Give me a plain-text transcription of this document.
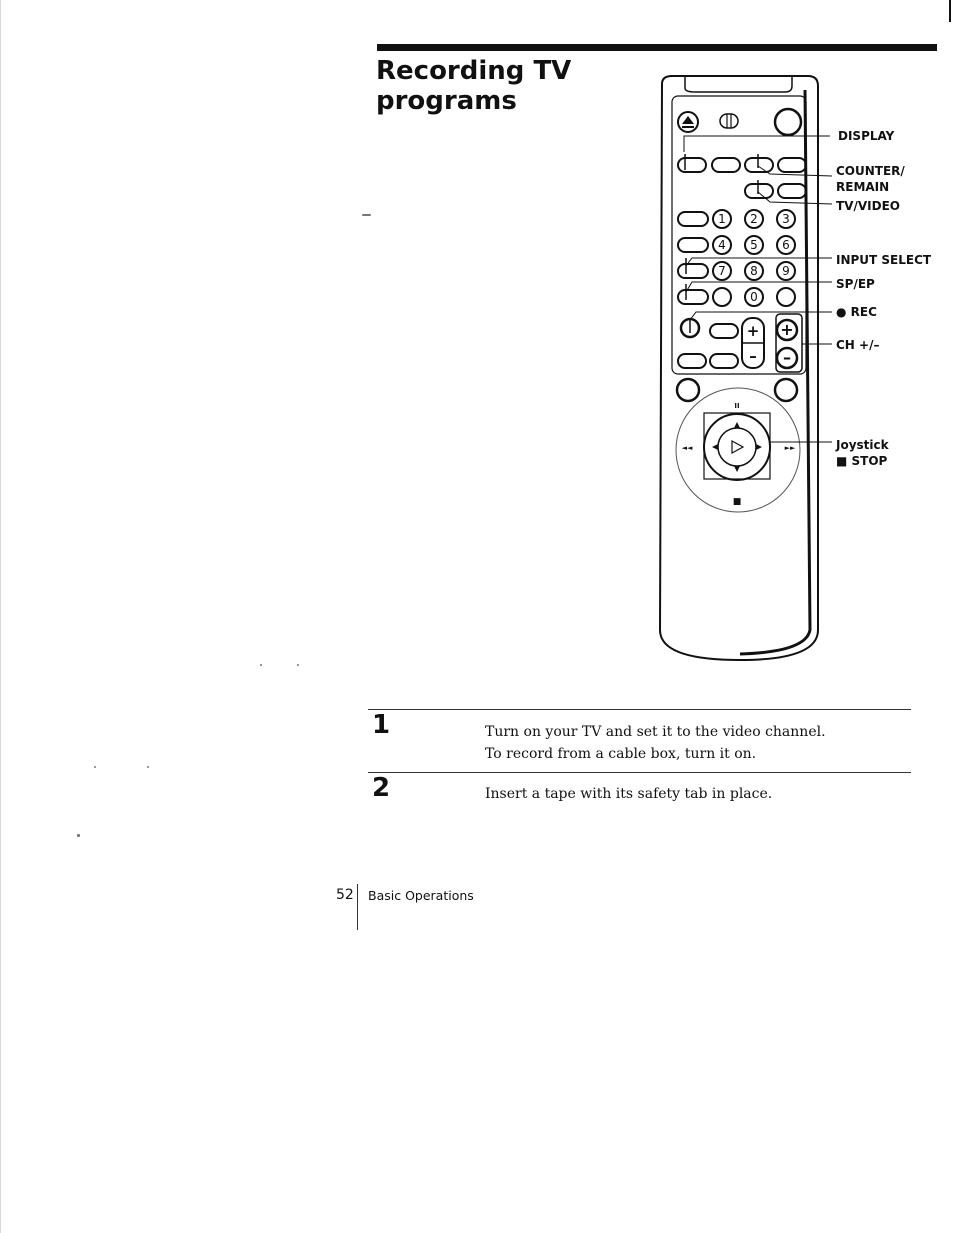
Recording TV
programs
1 2 3
4 5 6
7 8 9
0
+
–
+
–
II
◄◄	►►
■
DISPLAY
COUNTER/
REMAIN
TV/VIDEO
INPUT SELECT
SP/EP
● REC
CH +/–
Joystick
■ STOP
1	Turn on your TV and set it to the video channel.
To record from a cable box, turn it on.
2	Insert a tape with its safety tab in place.
52 Basic Operations
